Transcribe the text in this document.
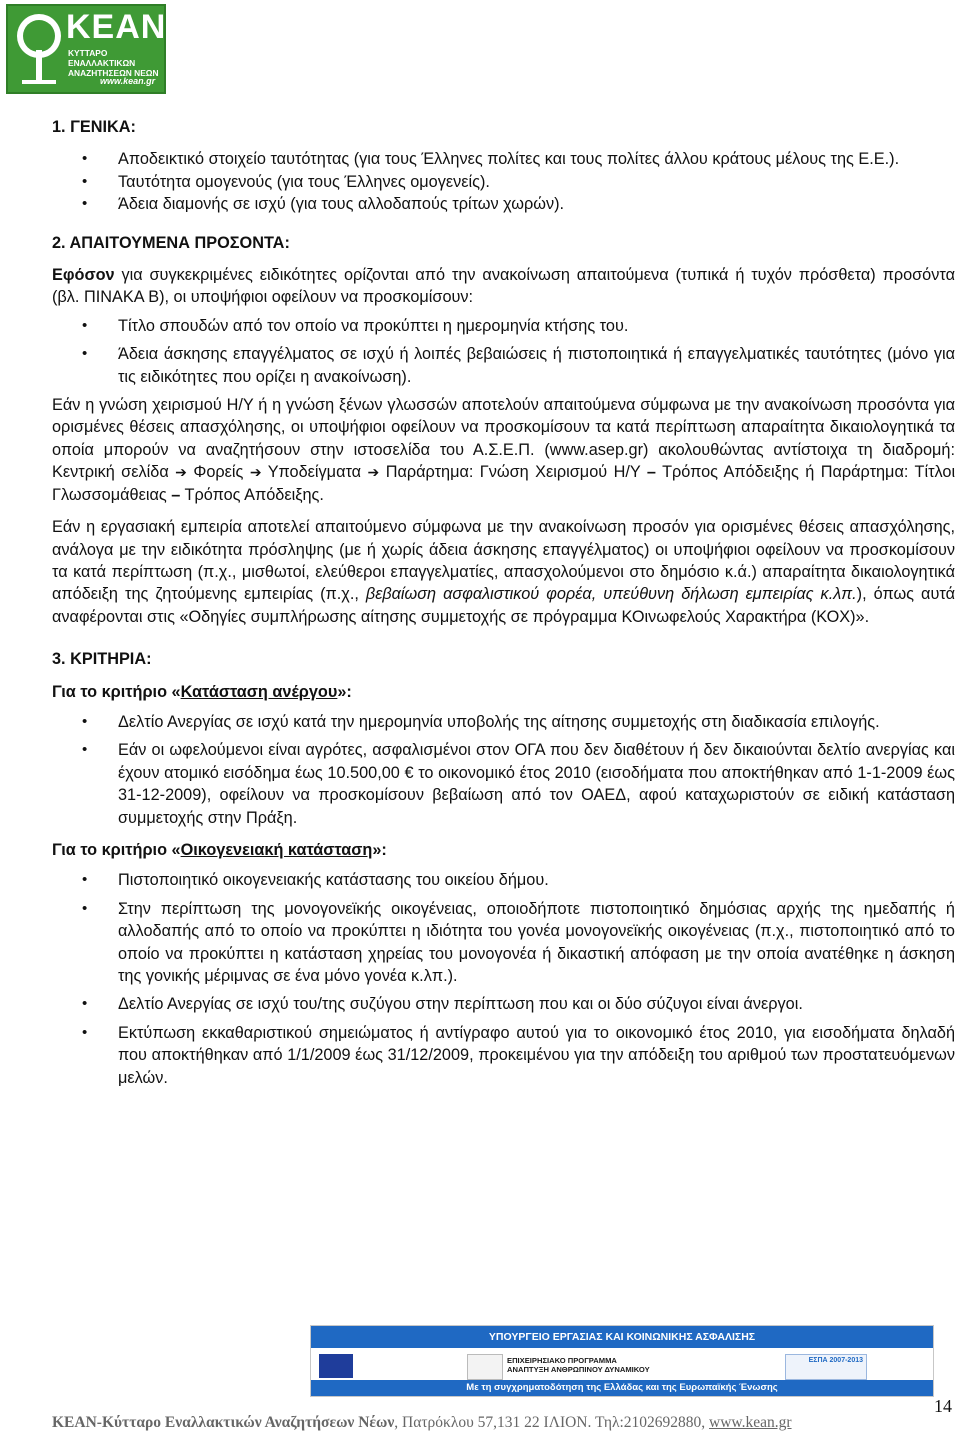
KEAN
ΚΥΤΤΑΡΟ ΕΝΑΛΛΑΚΤΙΚΩΝ ΑΝΑΖΗΤΗΣΕΩΝ ΝΕΩΝ
www.kean.gr

1. ΓΕΝΙΚΑ:

• Αποδεικτικό στοιχείο ταυτότητας (για τους Έλληνες πολίτες και τους πολίτες άλλου κράτους μέλους της Ε.Ε.).
• Ταυτότητα ομογενούς (για τους Έλληνες ομογενείς).
• Άδεια διαμονής σε ισχύ (για τους αλλοδαπούς τρίτων χωρών).

2. ΑΠΑΙΤΟΥΜΕΝΑ ΠΡΟΣΟΝΤΑ:

Εφόσον για συγκεκριμένες ειδικότητες ορίζονται από την ανακοίνωση απαιτούμενα (τυπικά ή τυχόν πρόσθετα) προσόντα (βλ. ΠΙΝΑΚΑ Β), οι υποψήφιοι οφείλουν να προσκομίσουν:

• Τίτλο σπουδών από τον οποίο να προκύπτει η ημερομηνία κτήσης του.
• Άδεια άσκησης επαγγέλματος σε ισχύ ή λοιπές βεβαιώσεις ή πιστοποιητικά ή επαγγελματικές ταυτότητες (μόνο για τις ειδικότητες που ορίζει η ανακοίνωση).

Εάν η γνώση χειρισμού Η/Υ ή η γνώση ξένων γλωσσών αποτελούν απαιτούμενα σύμφωνα με την ανακοίνωση προσόντα για ορισμένες θέσεις απασχόλησης, οι υποψήφιοι οφείλουν να προσκομίσουν τα κατά περίπτωση απαραίτητα δικαιολογητικά τα οποία μπορούν να αναζητήσουν στην ιστοσελίδα του Α.Σ.Ε.Π. (www.asep.gr) ακολουθώντας αντίστοιχα τη διαδρομή: Κεντρική σελίδα ➔ Φορείς ➔ Υποδείγματα ➔ Παράρτημα: Γνώση Χειρισμού Η/Υ – Τρόπος Απόδειξης ή Παράρτημα: Τίτλοι Γλωσσομάθειας – Τρόπος Απόδειξης.

Εάν η εργασιακή εμπειρία αποτελεί απαιτούμενο σύμφωνα με την ανακοίνωση προσόν για ορισμένες θέσεις απασχόλησης, ανάλογα με την ειδικότητα πρόσληψης (με ή χωρίς άδεια άσκησης επαγγέλματος) οι υποψήφιοι οφείλουν να προσκομίσουν τα κατά περίπτωση (π.χ., μισθωτοί, ελεύθεροι επαγγελματίες, απασχολούμενοι στο δημόσιο κ.ά.) απαραίτητα δικαιολογητικά απόδειξη της ζητούμενης εμπειρίας (π.χ., βεβαίωση ασφαλιστικού φορέα, υπεύθυνη δήλωση εμπειρίας κ.λπ.), όπως αυτά αναφέρονται στις «Οδηγίες συμπλήρωσης αίτησης συμμετοχής σε πρόγραμμα ΚΟινωφελούς Χαρακτήρα (ΚΟΧ)».

3. ΚΡΙΤΗΡΙΑ:

Για το κριτήριο «Κατάσταση ανέργου»:

• Δελτίο Ανεργίας σε ισχύ κατά την ημερομηνία υποβολής της αίτησης συμμετοχής στη διαδικασία επιλογής.
• Εάν οι ωφελούμενοι είναι αγρότες, ασφαλισμένοι στον ΟΓΑ που δεν διαθέτουν ή δεν δικαιούνται δελτίο ανεργίας και έχουν ατομικό εισόδημα έως 10.500,00 € το οικονομικό έτος 2010 (εισοδήματα που αποκτήθηκαν από 1-1-2009 έως 31-12-2009), οφείλουν να προσκομίσουν βεβαίωση από τον ΟΑΕΔ, αφού καταχωριστούν σε ειδική κατάσταση συμμετοχής στην Πράξη.

Για το κριτήριο «Οικογενειακή κατάσταση»:

• Πιστοποιητικό οικογενειακής κατάστασης του οικείου δήμου.
• Στην περίπτωση της μονογονεϊκής οικογένειας, οποιοδήποτε πιστοποιητικό δημόσιας αρχής της ημεδαπής ή αλλοδαπής από το οποίο να προκύπτει η ιδιότητα του γονέα μονογονεϊκής οικογένειας (π.χ., πιστοποιητικό από το οποίο να προκύπτει η κατάσταση χηρείας του μονογονέα ή δικαστική απόφαση με την οποία ανατέθηκε η άσκηση της γονικής μέριμνας σε ένα μόνο γονέα κ.λπ.).
• Δελτίο Ανεργίας σε ισχύ του/της συζύγου στην περίπτωση που και οι δύο σύζυγοι είναι άνεργοι.
• Εκτύπωση εκκαθαριστικού σημειώματος ή αντίγραφο αυτού για το οικονομικό έτος 2010, για εισοδήματα δηλαδή που αποκτήθηκαν από 1/1/2009 έως 31/12/2009, προκειμένου για την απόδειξη του αριθμού των προστατευόμενων μελών.
ΥΠΟΥΡΓΕΙΟ ΕΡΓΑΣΙΑΣ ΚΑΙ ΚΟΙΝΩΝΙΚΗΣ ΑΣΦΑΛΙΣΗΣ
ΕΠΙΧΕΙΡΗΣΙΑΚΟ ΠΡΟΓΡΑΜΜΑ
ΑΝΑΠΤΥΞΗ ΑΝΘΡΩΠΙΝΟΥ ΔΥΝΑΜΙΚΟΥ
ΕΣΠΑ 2007-2013
Με τη συγχρηματοδότηση της Ελλάδας και της Ευρωπαϊκής Ένωσης
14
ΚΕΑΝ-Κύτταρο Εναλλακτικών Αναζητήσεων Νέων, Πατρόκλου 57,131 22 ΙΛΙΟΝ. Τηλ:2102692880, www.kean.gr
